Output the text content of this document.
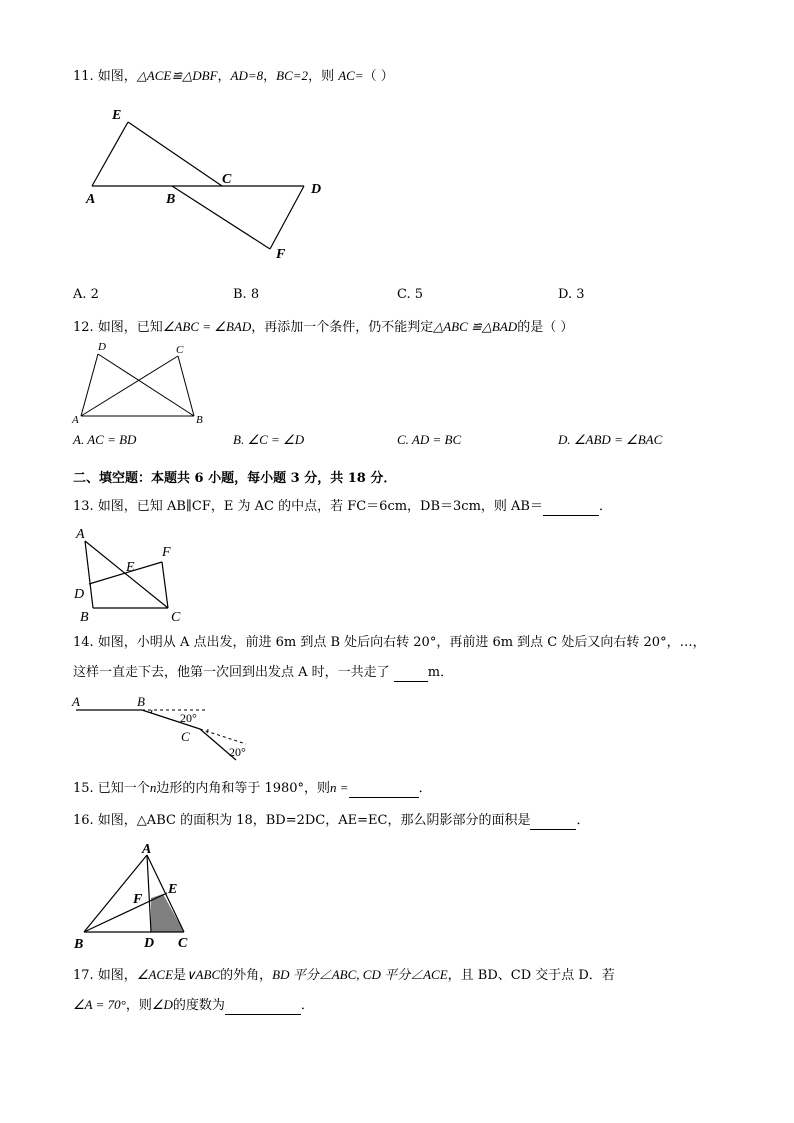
11. 如图，△ACE≌△DBF，AD=8，BC=2，则 AC=（ ）
E
A	B
C
D
F
A. 2	B. 8	C. 5	D. 3
12. 如图，已知∠ABC = ∠BAD，再添加一个条件，仍不能判定△ABC ≌△BAD的是（ ）
D	C
A	B
A. AC = BD	B. ∠C = ∠D	C. AD = BC	D. ∠ABD = ∠BAC
二、填空题：本题共 6 小题，每小题 3 分，共 18 分．
13. 如图，已知 AB∥CF，E 为 AC 的中点，若 FC＝6cm，DB＝3cm，则 AB＝	．
A
F
E
D
B	C
14. 如图，小明从 A 点出发，前进 6m 到点 B 处后向右转 20°，再前进 6m 到点 C 处后又向右转 20°，…，
这样一直走下去，他第一次回到出发点 A 时，一共走了	m．
A	B
C
20°
20°
15. 已知一个n边形的内角和等于 1980°，则n =	．
16. 如图，△ABC 的面积为 18，BD=2DC，AE=EC，那么阴影部分的面积是	．
A
E
F
B	D C
17. 如图，∠ACE是∨ABC的外角，BD 平分∠ABC, CD 平分∠ACE，且 BD、CD 交于点 D．若
∠A = 70°，则∠D的度数为	．
